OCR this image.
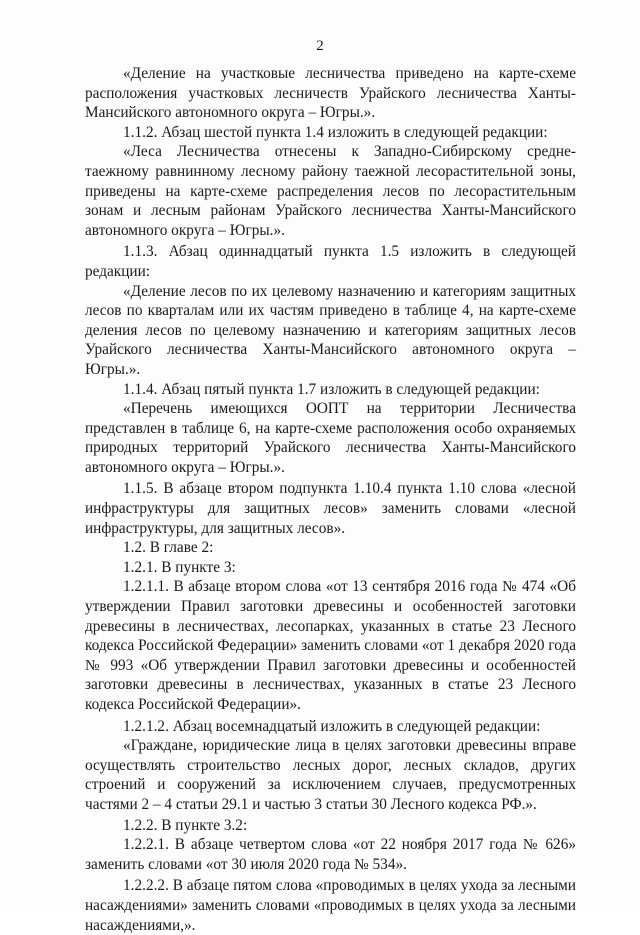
2

«Деление на участковые лесничества приведено на карте-схеме расположения участковых лесничеств Урайского лесничества Ханты-Мансийского автономного округа – Югры.».

1.1.2. Абзац шестой пункта 1.4 изложить в следующей редакции:

«Леса Лесничества отнесены к Западно-Сибирскому средне-таежному равнинному лесному району таежной лесорастительной зоны, приведены на карте-схеме распределения лесов по лесорастительным зонам и лесным районам Урайского лесничества Ханты-Мансийского автономного округа – Югры.».

1.1.3. Абзац одиннадцатый пункта 1.5 изложить в следующей редакции:

«Деление лесов по их целевому назначению и категориям защитных лесов по кварталам или их частям приведено в таблице 4, на карте-схеме деления лесов по целевому назначению и категориям защитных лесов Урайского лесничества Ханты-Мансийского автономного округа – Югры.».

1.1.4. Абзац пятый пункта 1.7 изложить в следующей редакции:

«Перечень имеющихся ООПТ на территории Лесничества представлен в таблице 6, на карте-схеме расположения особо охраняемых природных территорий Урайского лесничества Ханты-Мансийского автономного округа – Югры.».

1.1.5. В абзаце втором подпункта 1.10.4 пункта 1.10 слова «лесной инфраструктуры для защитных лесов» заменить словами «лесной инфраструктуры, для защитных лесов».

1.2. В главе 2:

1.2.1. В пункте 3:

1.2.1.1. В абзаце втором слова «от 13 сентября 2016 года № 474 «Об утверждении Правил заготовки древесины и особенностей заготовки древесины в лесничествах, лесопарках, указанных в статье 23 Лесного кодекса Российской Федерации» заменить словами «от 1 декабря 2020 года № 993 «Об утверждении Правил заготовки древесины и особенностей заготовки древесины в лесничествах, указанных в статье 23 Лесного кодекса Российской Федерации».

1.2.1.2. Абзац восемнадцатый изложить в следующей редакции:

«Граждане, юридические лица в целях заготовки древесины вправе осуществлять строительство лесных дорог, лесных складов, других строений и сооружений за исключением случаев, предусмотренных частями 2 – 4 статьи 29.1 и частью 3 статьи 30 Лесного кодекса РФ.».

1.2.2. В пункте 3.2:

1.2.2.1. В абзаце четвертом слова «от 22 ноября 2017 года № 626» заменить словами «от 30 июля 2020 года № 534».

1.2.2.2. В абзаце пятом слова «проводимых в целях ухода за лесными насаждениями» заменить словами «проводимых в целях ухода за лесными насаждениями,».
